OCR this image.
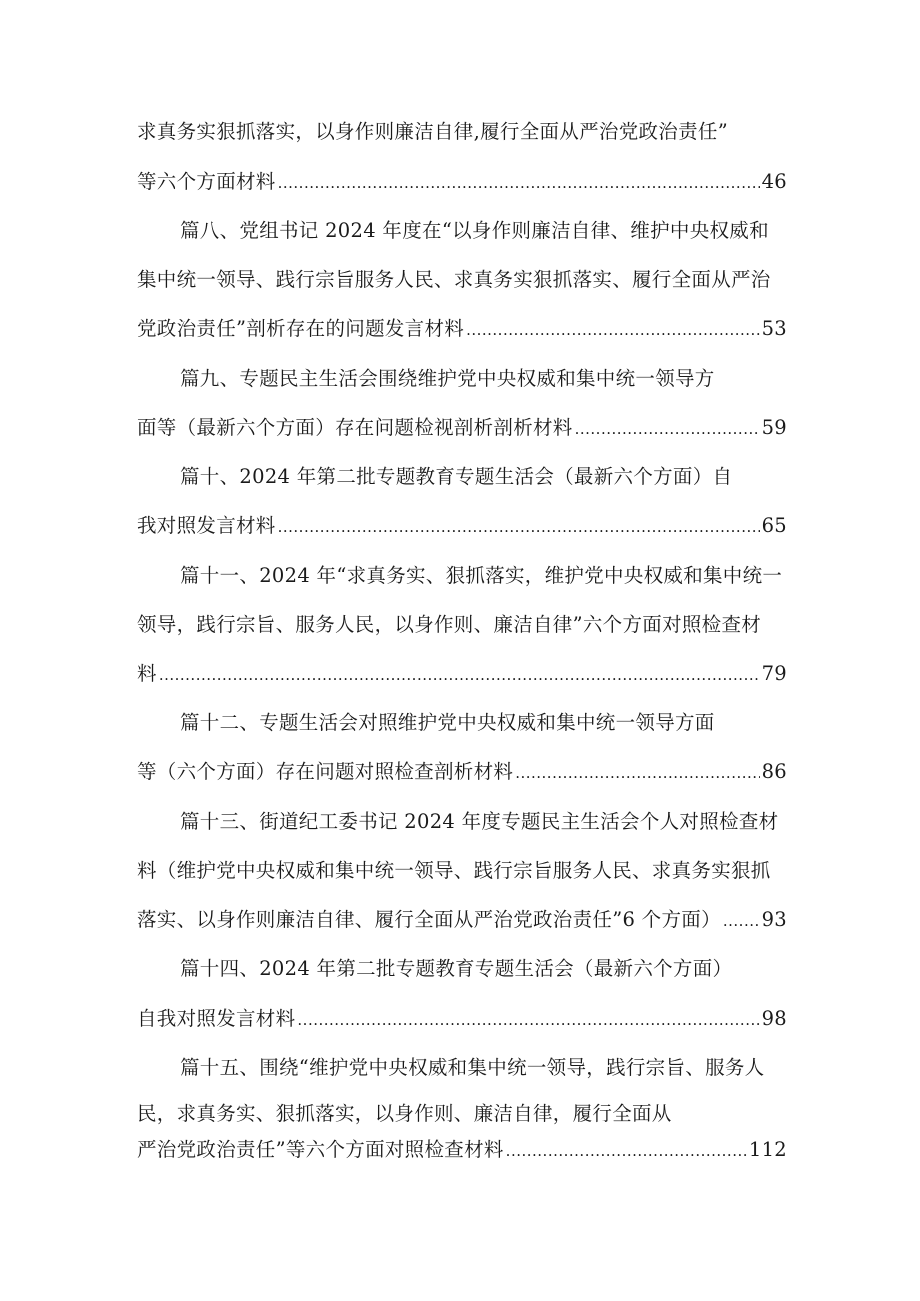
求真务实狠抓落实，以身作则廉洁自律,履行全面从严治党政治责任”
等六个方面材料 .....	46
篇八、党组书记 2024 年度在“以身作则廉洁自律、维护中央权威和
集中统一领导、践行宗旨服务人民、求真务实狠抓落实、履行全面从严治
党政治责任”剖析存在的问题发言材料 .....	53
篇九、专题民主生活会围绕维护党中央权威和集中统一领导方
面等（最新六个方面）存在问题检视剖析剖析材料 .....	59
篇十、2024 年第二批专题教育专题生活会（最新六个方面）自
我对照发言材料 .....	65
篇十一、2024 年“求真务实、狠抓落实，维护党中央权威和集中统一
领导，践行宗旨、服务人民，以身作则、廉洁自律”六个方面对照检查材
料 .....	79
篇十二、专题生活会对照维护党中央权威和集中统一领导方面
等（六个方面）存在问题对照检查剖析材料 .....	86
篇十三、街道纪工委书记 2024 年度专题民主生活会个人对照检查材
料（维护党中央权威和集中统一领导、践行宗旨服务人民、求真务实狠抓
落实、以身作则廉洁自律、履行全面从严治党政治责任”6 个方面） ..... 93
篇十四、2024 年第二批专题教育专题生活会（最新六个方面）
自我对照发言材料 .....	98
篇十五、围绕“维护党中央权威和集中统一领导，践行宗旨、服务人
民，求真务实、狠抓落实，以身作则、廉洁自律，履行全面从
严治党政治责任”等六个方面对照检查材料 .....	112
